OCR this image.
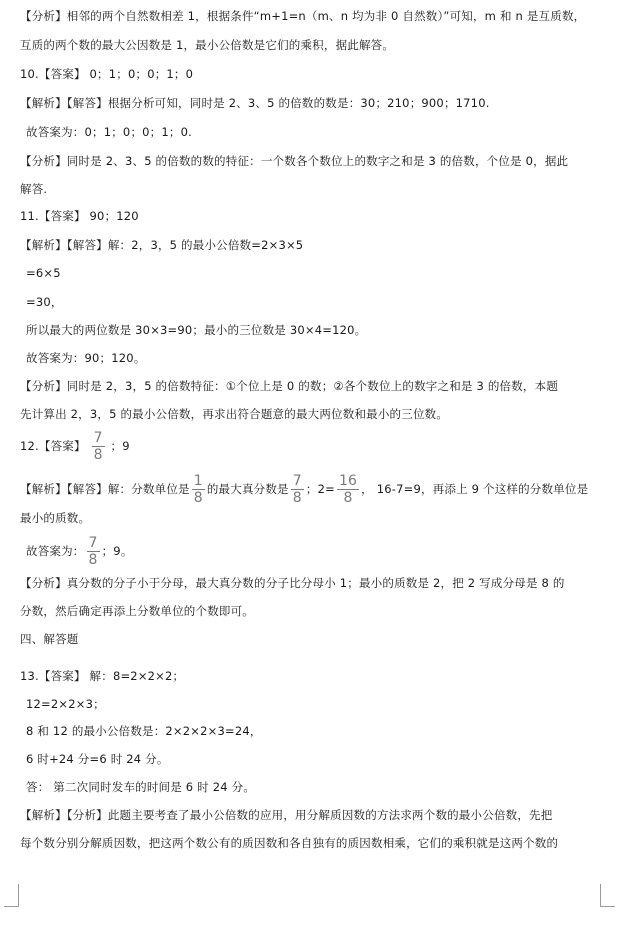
【分析】相邻的两个自然数相差 1，根据条件“m+1=n（m、n 均为非 0 自然数）”可知，m 和 n 是互质数，
互质的两个数的最大公因数是 1，最小公倍数是它们的乘积，据此解答。
10.【答案】 0；1；0；0；1；0
【解析】【解答】根据分析可知，同时是 2、3、5 的倍数的数是：30；210；900；1710.
故答案为：0；1；0；0；1；0.
【分析】同时是 2、3、5 的倍数的数的特征：一个数各个数位上的数字之和是 3 的倍数，个位是 0，据此
解答.
11.【答案】 90；120
【解析】【解答】解：2，3，5 的最小公倍数=2×3×5
=6×5
=30，
所以最大的两位数是 30×3=90；最小的三位数是 30×4=120。
故答案为：90；120。
【分析】同时是 2，3，5 的倍数特征：①个位上是 0 的数；②各个数位上的数字之和是 3 的倍数，本题
先计算出 2，3，5 的最小公倍数，再求出符合题意的最大两位数和最小的三位数。
12.【答案】 $\frac{7}{8}$ ；9
【解析】【解答】解：分数单位是 $\frac{1}{8}$ 的最大真分数是 $\frac{7}{8}$ ；$2= \frac{16}{8}$ ， 16-7=9，再添上 9 个这样的分数单位是
最小的质数。
故答案为： $\frac{7}{8}$ ；9。
【分析】真分数的分子小于分母，最大真分数的分子比分母小 1；最小的质数是 2，把 2 写成分母是 8 的
分数，然后确定再添上分数单位的个数即可。
四、解答题
13.【答案】 解：8=2×2×2；
12=2×2×3；
8 和 12 的最小公倍数是：2×2×2×3=24，
6 时+24 分=6 时 24 分。
答： 第二次同时发车的时间是 6 时 24 分。
【解析】【分析】此题主要考查了最小公倍数的应用，用分解质因数的方法求两个数的最小公倍数，先把
每个数分别分解质因数，把这两个数公有的质因数和各自独有的质因数相乘，它们的乘积就是这两个数的
